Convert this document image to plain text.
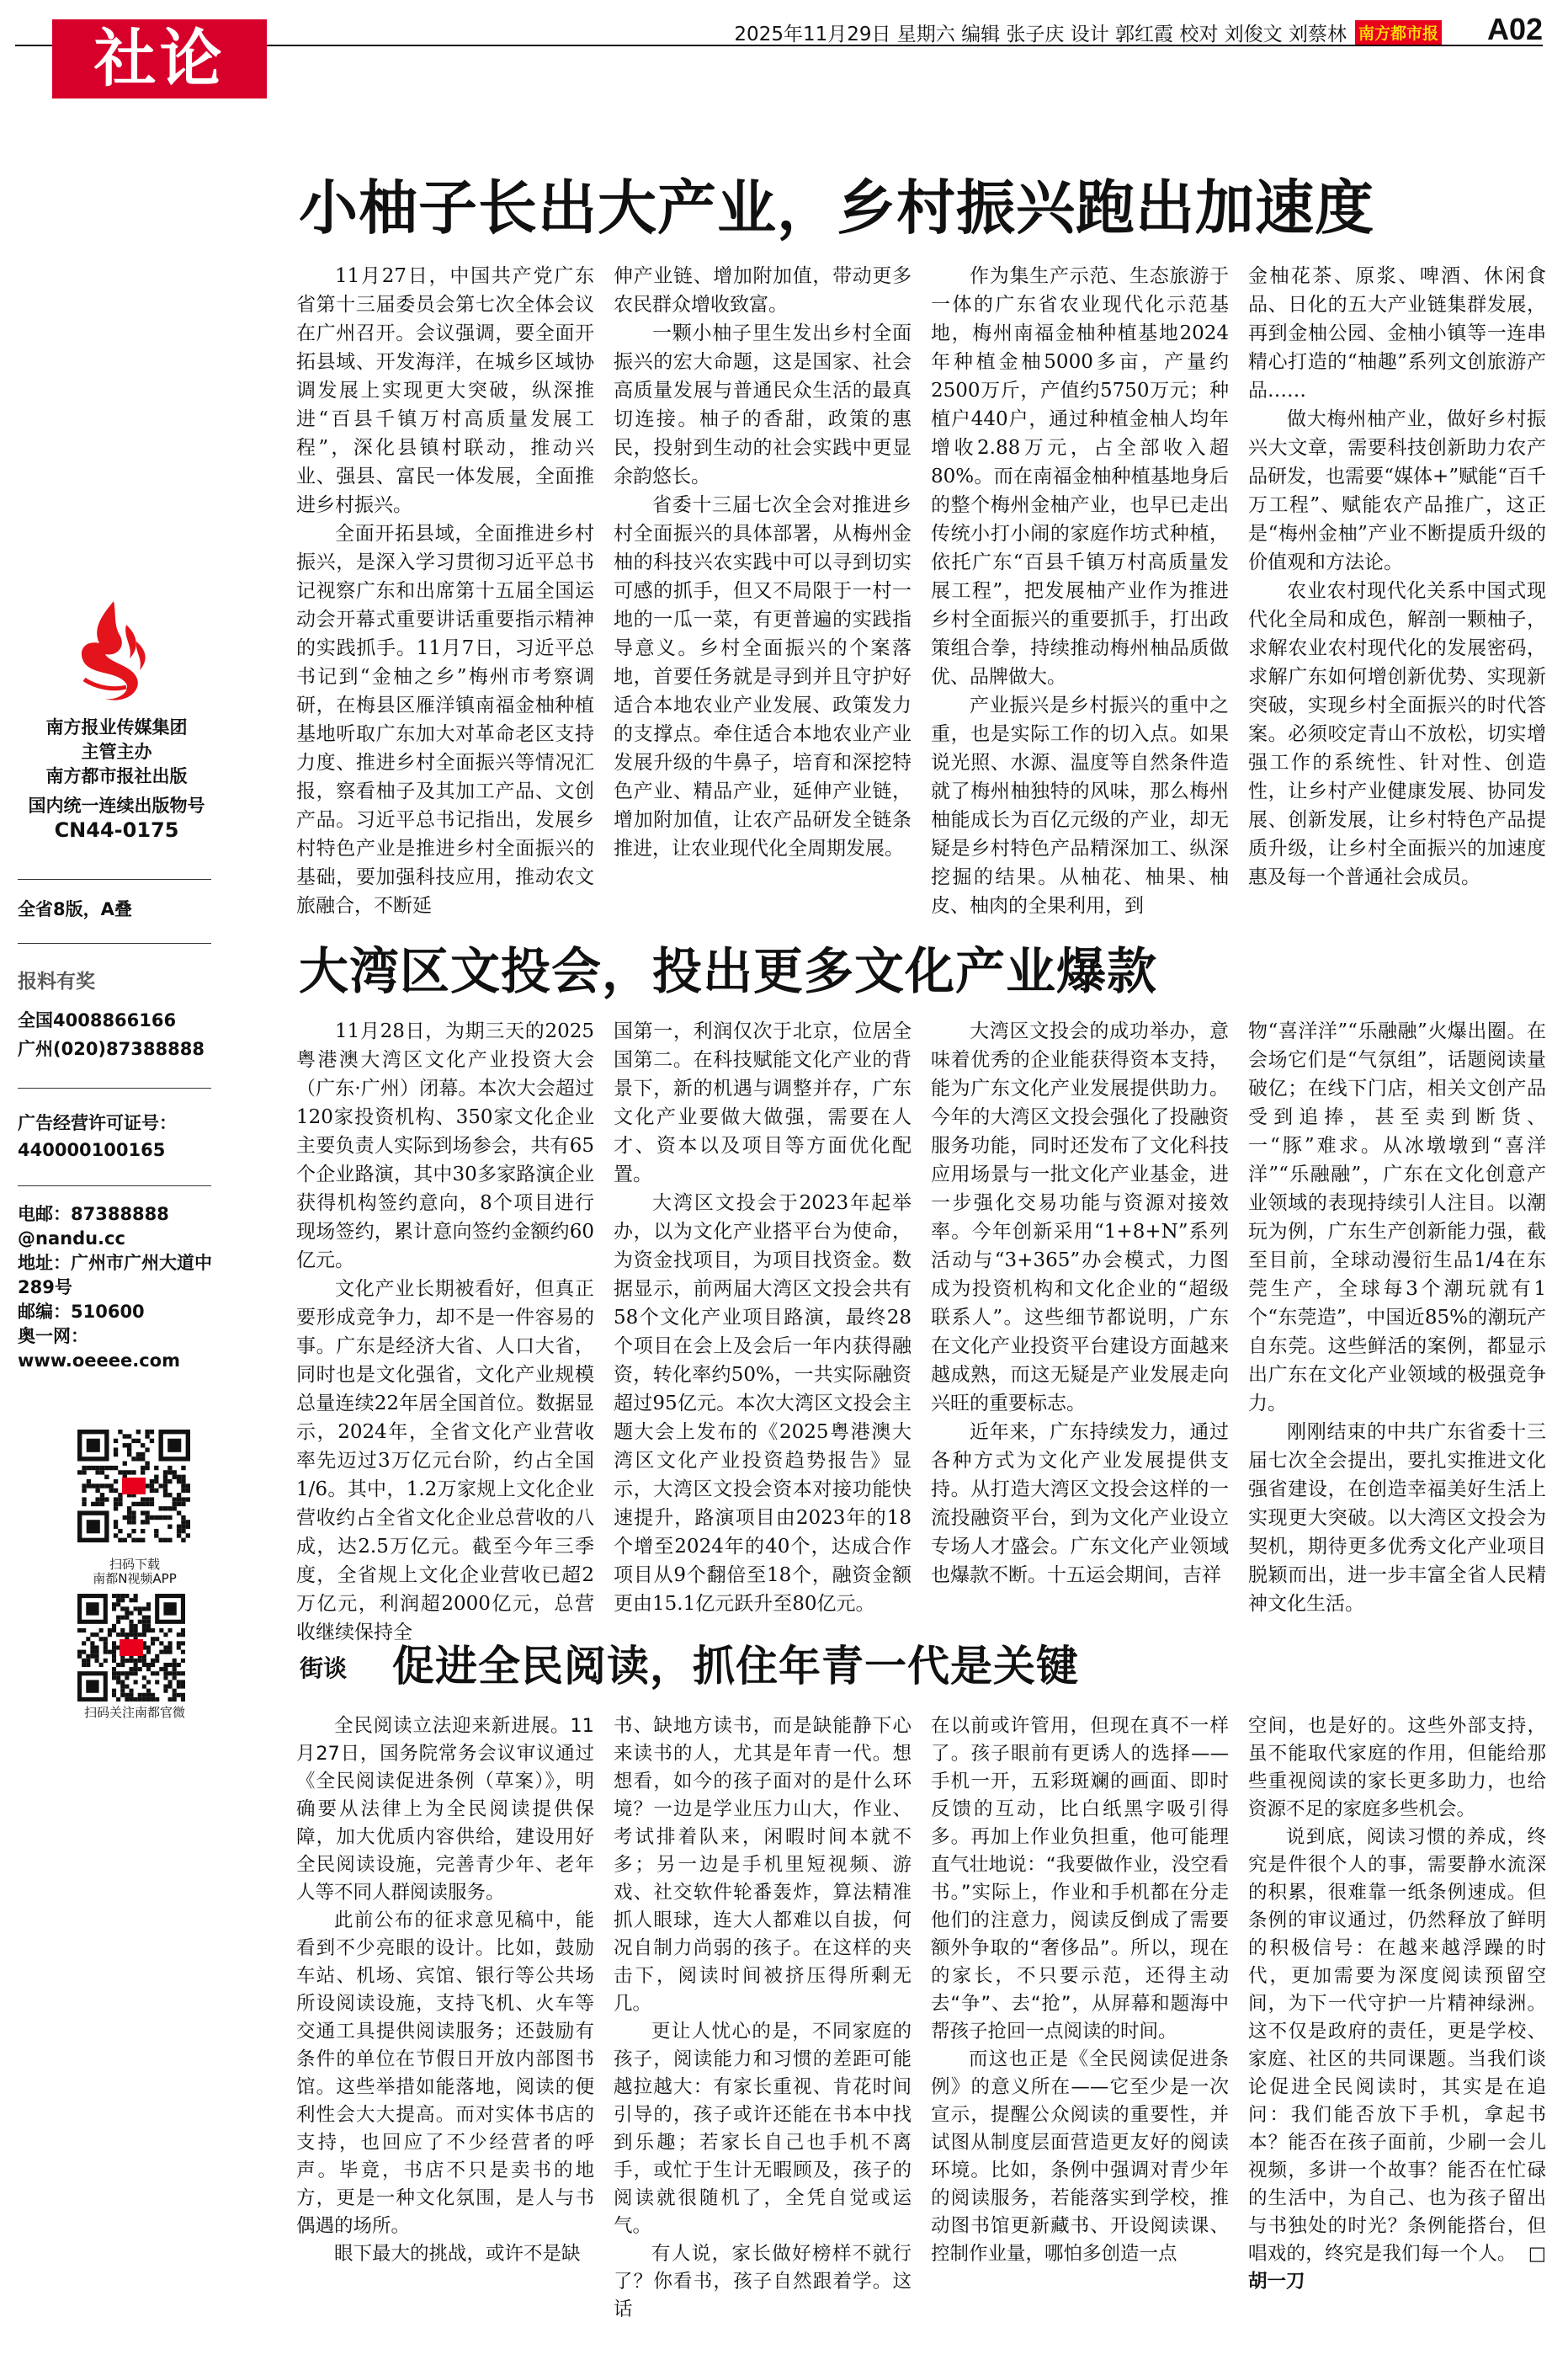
社论	2025年11月29日 星期六 编辑 张子庆 设计 郭红霞 校对 刘俊文 刘蔡林 南方都市报 A02
南方报业传媒集团
主管主办
南方都市报社出版
国内统一连续出版物号
CN44-0175
全省8版，A叠
报料有奖
全国4008866166
广州(020)87388888
广告经营许可证号：
440000100165
电邮：87388888
@nandu.cc
地址：广州市广州大道中
289号
邮编：510600
奥一网：
www.oeeee.com
扫码下载
南都N视频APP
扫码关注南都官微
小柚子长出大产业，乡村振兴跑出加速度

11月27日，中国共产党广东省第十三届委员会第七次全体会议在广州召开。会议强调，要全面开拓县域、开发海洋，在城乡区域协调发展上实现更大突破，纵深推进“百县千镇万村高质量发展工程”，深化县镇村联动，推动兴业、强县、富民一体发展，全面推进乡村振兴。

全面开拓县域，全面推进乡村振兴，是深入学习贯彻习近平总书记视察广东和出席第十五届全国运动会开幕式重要讲话重要指示精神的实践抓手。11月7日，习近平总书记到“金柚之乡”梅州市考察调研，在梅县区雁洋镇南福金柚种植基地听取广东加大对革命老区支持力度、推进乡村全面振兴等情况汇报，察看柚子及其加工产品、文创产品。习近平总书记指出，发展乡村特色产业是推进乡村全面振兴的基础，要加强科技应用，推动农文旅融合，不断延

伸产业链、增加附加值，带动更多农民群众增收致富。

一颗小柚子里生发出乡村全面振兴的宏大命题，这是国家、社会高质量发展与普通民众生活的最真切连接。柚子的香甜，政策的惠民，投射到生动的社会实践中更显余韵悠长。

省委十三届七次全会对推进乡村全面振兴的具体部署，从梅州金柚的科技兴农实践中可以寻到切实可感的抓手，但又不局限于一村一地的一瓜一菜，有更普遍的实践指导意义。乡村全面振兴的个案落地，首要任务就是寻到并且守护好适合本地农业产业发展、政策发力的支撑点。牵住适合本地农业产业发展升级的牛鼻子，培育和深挖特色产业、精品产业，延伸产业链，增加附加值，让农产品研发全链条推进，让农业现代化全周期发展。

作为集生产示范、生态旅游于一体的广东省农业现代化示范基地，梅州南福金柚种植基地2024年种植金柚5000多亩，产量约2500万斤，产值约5750万元；种植户440户，通过种植金柚人均年增收2.88万元，占全部收入超80%。而在南福金柚种植基地身后的整个梅州金柚产业，也早已走出传统小打小闹的家庭作坊式种植，依托广东“百县千镇万村高质量发展工程”，把发展柚产业作为推进乡村全面振兴的重要抓手，打出政策组合拳，持续推动梅州柚品质做优、品牌做大。

产业振兴是乡村振兴的重中之重，也是实际工作的切入点。如果说光照、水源、温度等自然条件造就了梅州柚独特的风味，那么梅州柚能成长为百亿元级的产业，却无疑是乡村特色产品精深加工、纵深挖掘的结果。从柚花、柚果、柚皮、柚肉的全果利用，到

金柚花茶、原浆、啤酒、休闲食品、日化的五大产业链集群发展，再到金柚公园、金柚小镇等一连串精心打造的“柚趣”系列文创旅游产品……

做大梅州柚产业，做好乡村振兴大文章，需要科技创新助力农产品研发，也需要“媒体+”赋能“百千万工程”、赋能农产品推广，这正是“梅州金柚”产业不断提质升级的价值观和方法论。

农业农村现代化关系中国式现代化全局和成色，解剖一颗柚子，求解农业农村现代化的发展密码，求解广东如何增创新优势、实现新突破，实现乡村全面振兴的时代答案。必须咬定青山不放松，切实增强工作的系统性、针对性、创造性，让乡村产业健康发展、协同发展、创新发展，让乡村特色产品提质升级，让乡村全面振兴的加速度惠及每一个普通社会成员。

大湾区文投会，投出更多文化产业爆款

11月28日，为期三天的2025粤港澳大湾区文化产业投资大会（广东·广州）闭幕。本次大会超过120家投资机构、350家文化企业主要负责人实际到场参会，共有65个企业路演，其中30多家路演企业获得机构签约意向，8个项目进行现场签约，累计意向签约金额约60亿元。

文化产业长期被看好，但真正要形成竞争力，却不是一件容易的事。广东是经济大省、人口大省，同时也是文化强省，文化产业规模总量连续22年居全国首位。数据显示，2024年，全省文化产业营收率先迈过3万亿元台阶，约占全国1/6。其中，1.2万家规上文化企业营收约占全省文化企业总营收的八成，达2.5万亿元。截至今年三季度，全省规上文化企业营收已超2万亿元，利润超2000亿元，总营收继续保持全

国第一，利润仅次于北京，位居全国第二。在科技赋能文化产业的背景下，新的机遇与调整并存，广东文化产业要做大做强，需要在人才、资本以及项目等方面优化配置。

大湾区文投会于2023年起举办，以为文化产业搭平台为使命，为资金找项目，为项目找资金。数据显示，前两届大湾区文投会共有58个文化产业项目路演，最终28个项目在会上及会后一年内获得融资，转化率约50%，一共实际融资超过95亿元。本次大湾区文投会主题大会上发布的《2025粤港澳大湾区文化产业投资趋势报告》显示，大湾区文投会资本对接功能快速提升，路演项目由2023年的18个增至2024年的40个，达成合作项目从9个翻倍至18个，融资金额更由15.1亿元跃升至80亿元。

大湾区文投会的成功举办，意味着优秀的企业能获得资本支持，能为广东文化产业发展提供助力。今年的大湾区文投会强化了投融资服务功能，同时还发布了文化科技应用场景与一批文化产业基金，进一步强化交易功能与资源对接效率。今年创新采用“1+8+N”系列活动与“3+365”办会模式，力图成为投资机构和文化企业的“超级联系人”。这些细节都说明，广东在文化产业投资平台建设方面越来越成熟，而这无疑是产业发展走向兴旺的重要标志。

近年来，广东持续发力，通过各种方式为文化产业发展提供支持。从打造大湾区文投会这样的一流投融资平台，到为文化产业设立专场人才盛会。广东文化产业领域也爆款不断。十五运会期间，吉祥

物“喜洋洋”“乐融融”火爆出圈。在会场它们是“气氛组”，话题阅读量破亿；在线下门店，相关文创产品受到追捧，甚至卖到断货、一“豚”难求。从冰墩墩到“喜洋洋”“乐融融”，广东在文化创意产业领域的表现持续引人注目。以潮玩为例，广东生产创新能力强，截至目前，全球动漫衍生品1/4在东莞生产，全球每3个潮玩就有1个“东莞造”，中国近85%的潮玩产自东莞。这些鲜活的案例，都显示出广东在文化产业领域的极强竞争力。

刚刚结束的中共广东省委十三届七次全会提出，要扎实推进文化强省建设，在创造幸福美好生活上实现更大突破。以大湾区文投会为契机，期待更多优秀文化产业项目脱颖而出，进一步丰富全省人民精神文化生活。

街谈 促进全民阅读，抓住年青一代是关键

全民阅读立法迎来新进展。11月27日，国务院常务会议审议通过《全民阅读促进条例（草案）》，明确要从法律上为全民阅读提供保障，加大优质内容供给，建设用好全民阅读设施，完善青少年、老年人等不同人群阅读服务。

此前公布的征求意见稿中，能看到不少亮眼的设计。比如，鼓励车站、机场、宾馆、银行等公共场所设阅读设施，支持飞机、火车等交通工具提供阅读服务；还鼓励有条件的单位在节假日开放内部图书馆。这些举措如能落地，阅读的便利性会大大提高。而对实体书店的支持，也回应了不少经营者的呼声。毕竟，书店不只是卖书的地方，更是一种文化氛围，是人与书偶遇的场所。

眼下最大的挑战，或许不是缺

书、缺地方读书，而是缺能静下心来读书的人，尤其是年青一代。想想看，如今的孩子面对的是什么环境？一边是学业压力山大，作业、考试排着队来，闲暇时间本就不多；另一边是手机里短视频、游戏、社交软件轮番轰炸，算法精准抓人眼球，连大人都难以自拔，何况自制力尚弱的孩子。在这样的夹击下，阅读时间被挤压得所剩无几。

更让人忧心的是，不同家庭的孩子，阅读能力和习惯的差距可能越拉越大：有家长重视、肯花时间引导的，孩子或许还能在书本中找到乐趣；若家长自己也手机不离手，或忙于生计无暇顾及，孩子的阅读就很随机了，全凭自觉或运气。

有人说，家长做好榜样不就行了？你看书，孩子自然跟着学。这话

在以前或许管用，但现在真不一样了。孩子眼前有更诱人的选择——手机一开，五彩斑斓的画面、即时反馈的互动，比白纸黑字吸引得多。再加上作业负担重，他可能理直气壮地说：“我要做作业，没空看书。”实际上，作业和手机都在分走他们的注意力，阅读反倒成了需要额外争取的“奢侈品”。所以，现在的家长，不只要示范，还得主动去“争”、去“抢”，从屏幕和题海中帮孩子抢回一点阅读的时间。

而这也正是《全民阅读促进条例》的意义所在——它至少是一次宣示，提醒公众阅读的重要性，并试图从制度层面营造更友好的阅读环境。比如，条例中强调对青少年的阅读服务，若能落实到学校，推动图书馆更新藏书、开设阅读课、控制作业量，哪怕多创造一点

空间，也是好的。这些外部支持，虽不能取代家庭的作用，但能给那些重视阅读的家长更多助力，也给资源不足的家庭多些机会。

说到底，阅读习惯的养成，终究是件很个人的事，需要静水流深的积累，很难靠一纸条例速成。但条例的审议通过，仍然释放了鲜明的积极信号：在越来越浮躁的时代，更加需要为深度阅读预留空间，为下一代守护一片精神绿洲。这不仅是政府的责任，更是学校、家庭、社区的共同课题。当我们谈论促进全民阅读时，其实是在追问：我们能否放下手机，拿起书本？能否在孩子面前，少刷一会儿视频，多讲一个故事？能否在忙碌的生活中，为自己、也为孩子留出与书独处的时光？条例能搭台，但唱戏的，终究是我们每一个人。 □胡一刀
